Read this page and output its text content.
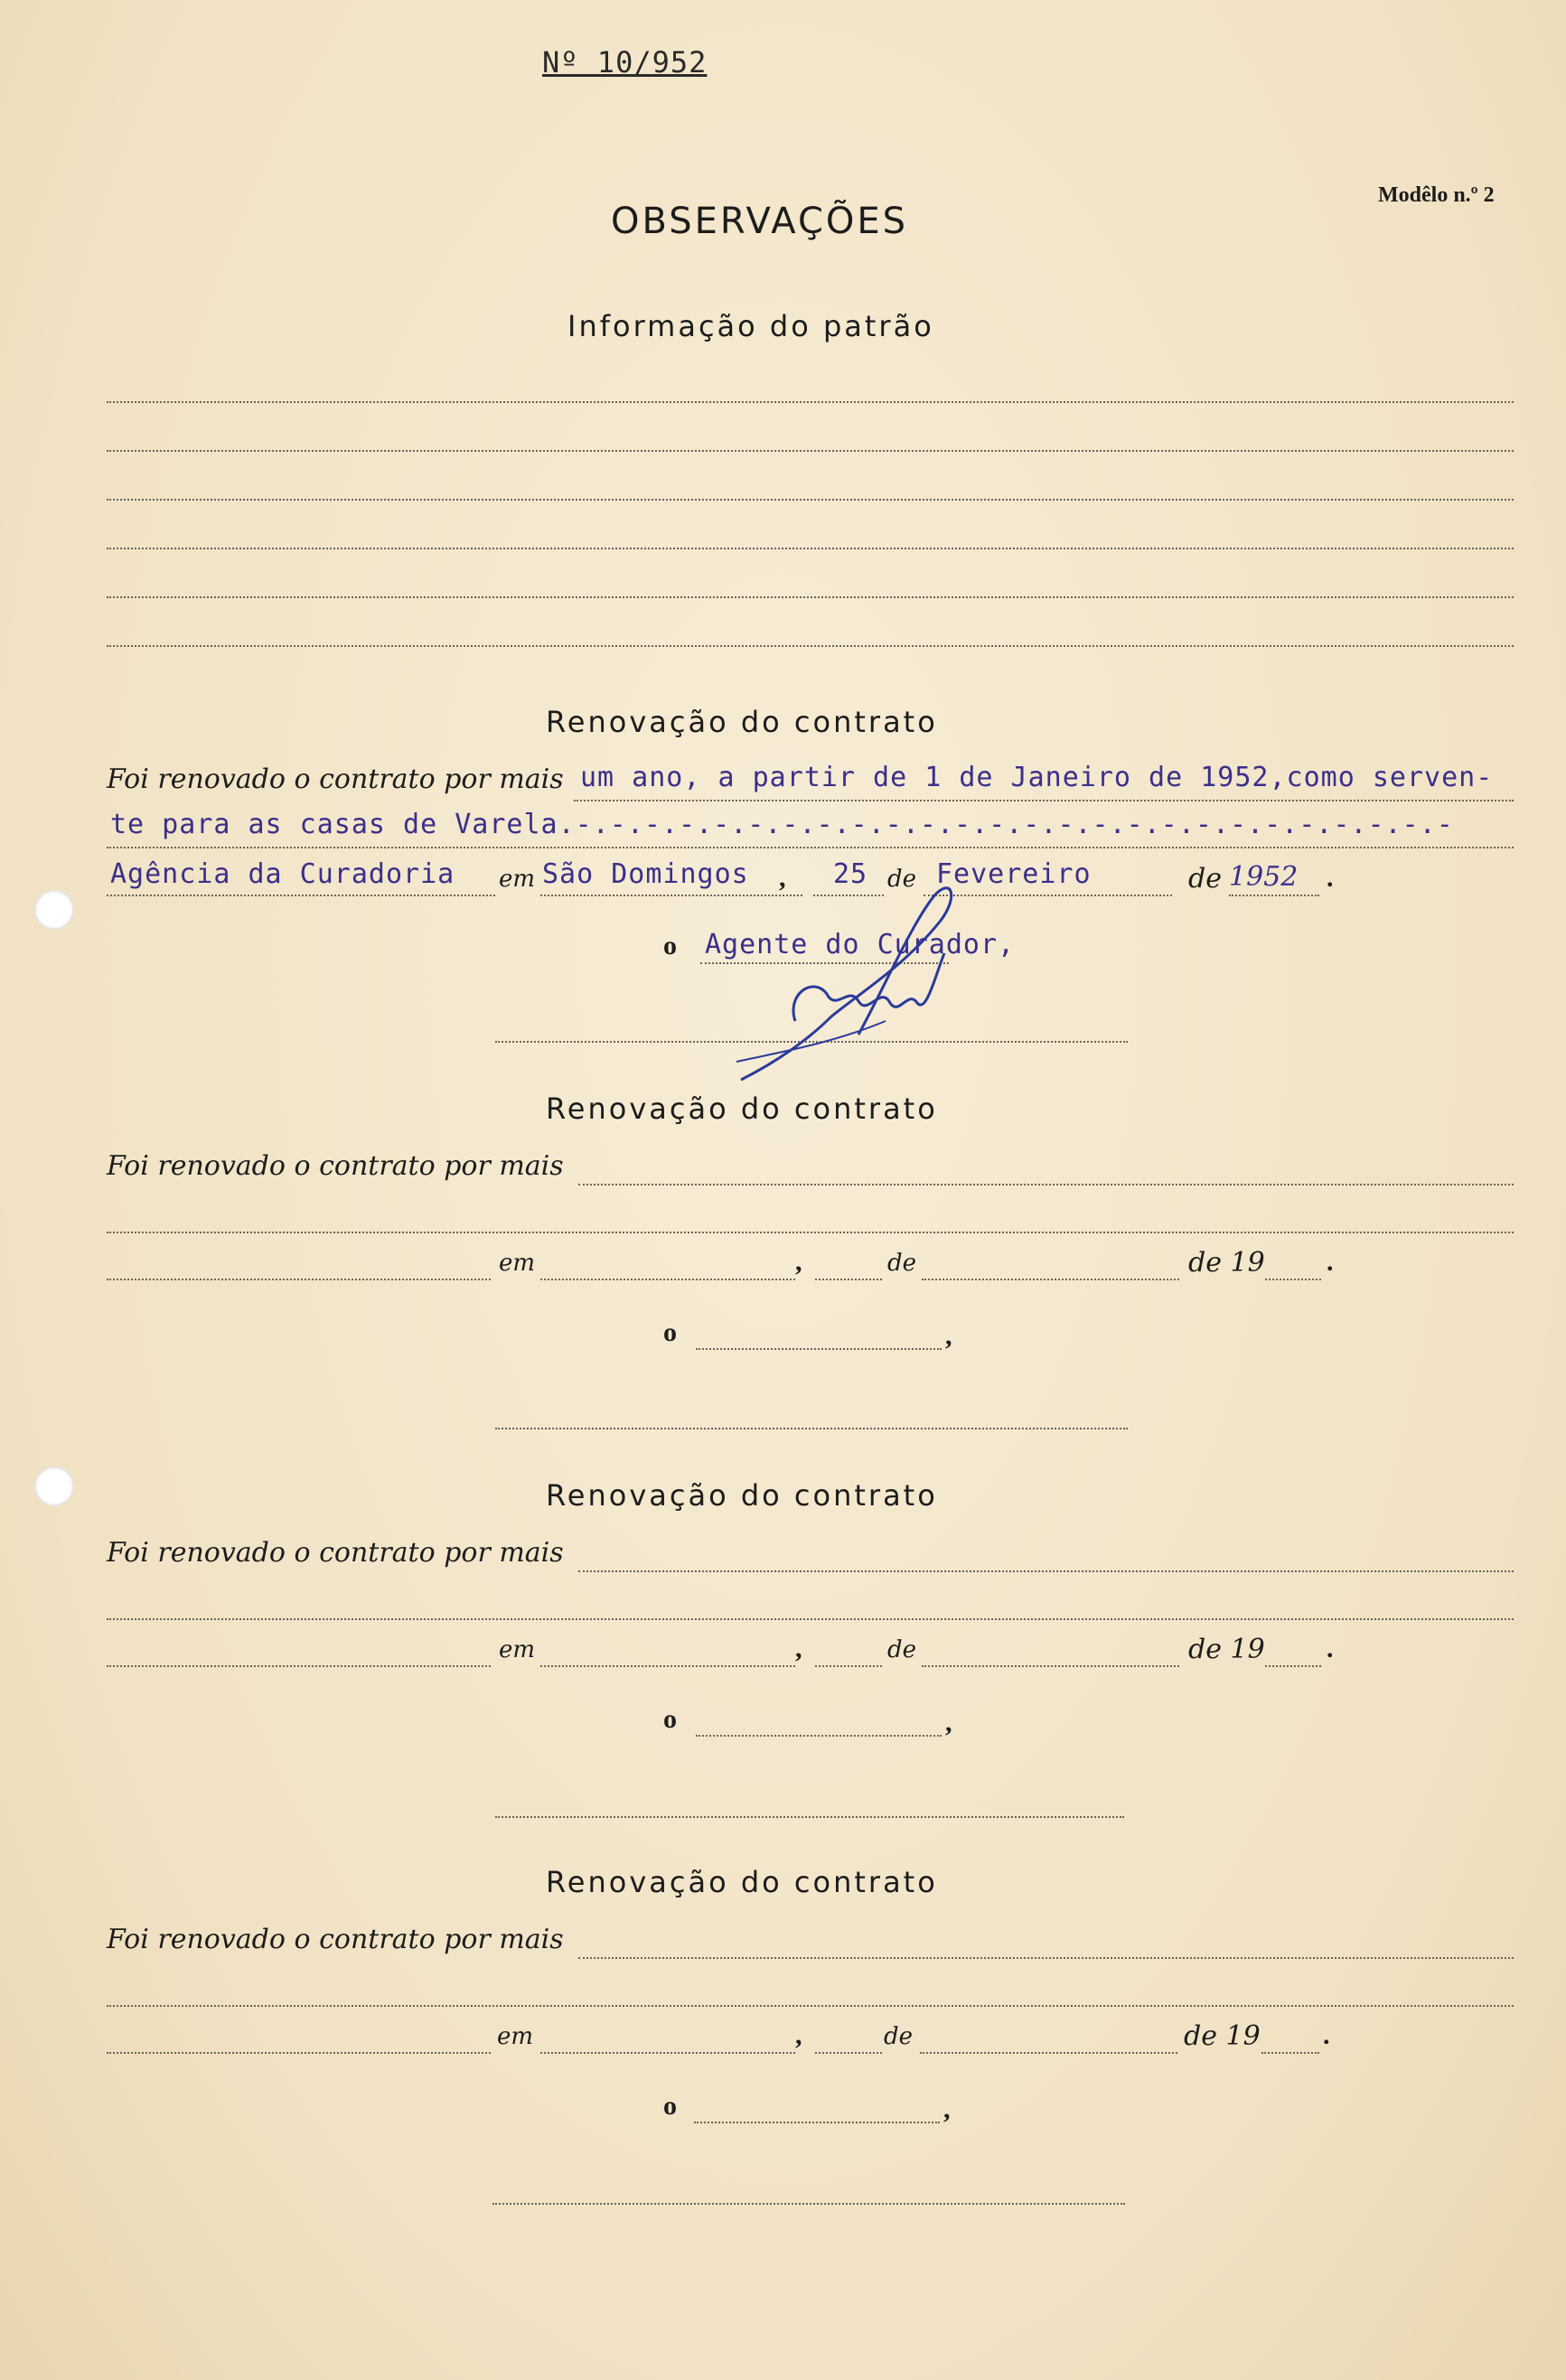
Nº 10/952
Modêlo n.º 2
OBSERVAÇÕES
Informação do patrão
Renovação do contrato
Foi renovado o contrato por mais um ano, a partir de 1 de Janeiro de 1952,como serven-
te para as casas de Varela.-.-.-.-.-.-.-.-.-.-.-.-.-.-.-.-.-.-.-.-.-.-.-.-.-.-
Agência da Curadoria em São Domingos , 25 de Fevereiro	de 1952 .
o Agente do Curador,
Renovação do contrato
Foi renovado o contrato por mais
em	,	de	de 19 .
o	,
Renovação do contrato
Foi renovado o contrato por mais
em	,	de	de 19 .
o	,
Renovação do contrato
Foi renovado o contrato por mais
em	,	de	de 19 .
o	,
